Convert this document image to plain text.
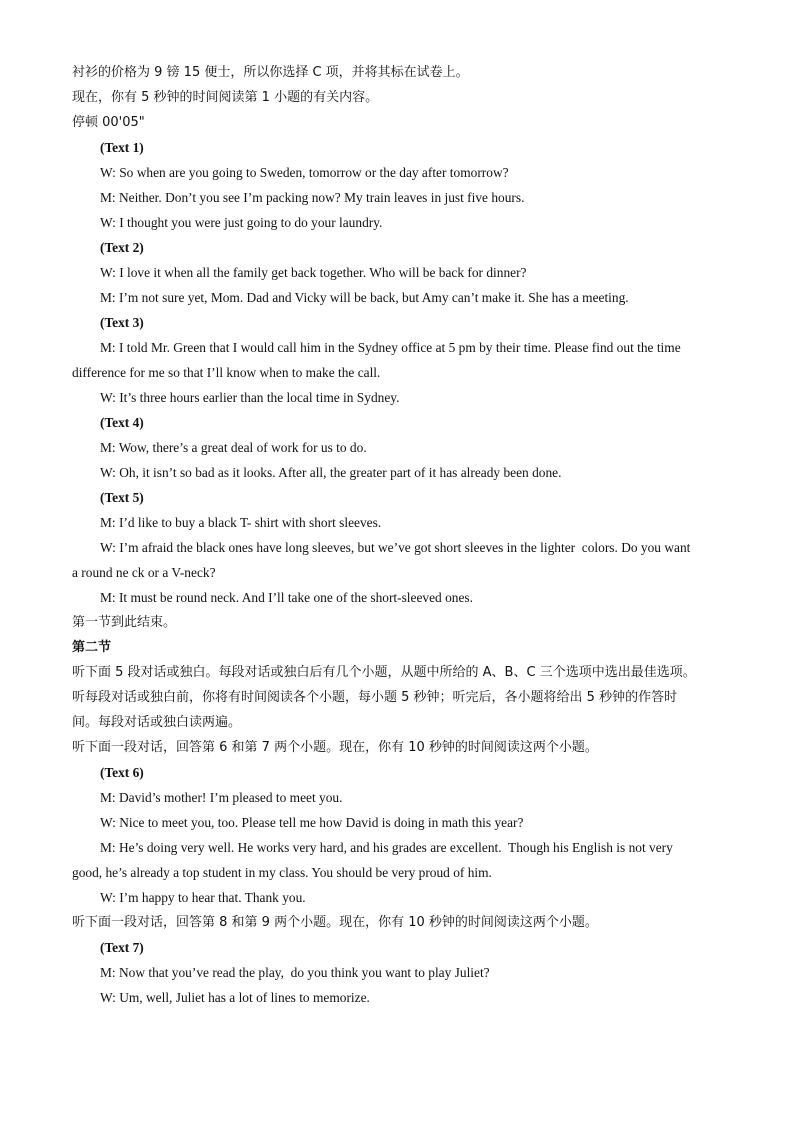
衬衫的价格为 9 镑 15 便士，所以你选择 C 项，并将其标在试卷上。
现在，你有 5 秒钟的时间阅读第 1 小题的有关内容。
停顿 00'05"
(Text 1)
W: So when are you going to Sweden, tomorrow or the day after tomorrow?
M: Neither. Don’t you see I’m packing now? My train leaves in just five hours.
W: I thought you were just going to do your laundry.
(Text 2)
W: I love it when all the family get back together. Who will be back for dinner?
M: I’m not sure yet, Mom. Dad and Vicky will be back, but Amy can’t make it. She has a meeting.
(Text 3)
M: I told Mr. Green that I would call him in the Sydney office at 5 pm by their time. Please find out the time
difference for me so that I’ll know when to make the call.
W: It’s three hours earlier than the local time in Sydney.
(Text 4)
M: Wow, there’s a great deal of work for us to do.
W: Oh, it isn’t so bad as it looks. After all, the greater part of it has already been done.
(Text 5)
M: I’d like to buy a black T- shirt with short sleeves.
W: I’m afraid the black ones have long sleeves, but we’ve got short sleeves in the lighter  colors. Do you want
a round ne ck or a V-neck?
M: It must be round neck. And I’ll take one of the short-sleeved ones.
第一节到此结束。
第二节
听下面 5 段对话或独白。每段对话或独白后有几个小题，从题中所给的 A、B、C 三个选项中选出最佳选项。
听每段对话或独白前，你将有时间阅读各个小题，每小题 5 秒钟；听完后，各小题将给出 5 秒钟的作答时
间。每段对话或独白读两遍。
听下面一段对话，回答第 6 和第 7 两个小题。现在，你有 10 秒钟的时间阅读这两个小题。
(Text 6)
M: David’s mother! I’m pleased to meet you.
W: Nice to meet you, too. Please tell me how David is doing in math this year?
M: He’s doing very well. He works very hard, and his grades are excellent.  Though his English is not very
good, he’s already a top student in my class. You should be very proud of him.
W: I’m happy to hear that. Thank you.
听下面一段对话，回答第 8 和第 9 两个小题。现在，你有 10 秒钟的时间阅读这两个小题。
(Text 7)
M: Now that you’ve read the play,  do you think you want to play Juliet?
W: Um, well, Juliet has a lot of lines to memorize.
